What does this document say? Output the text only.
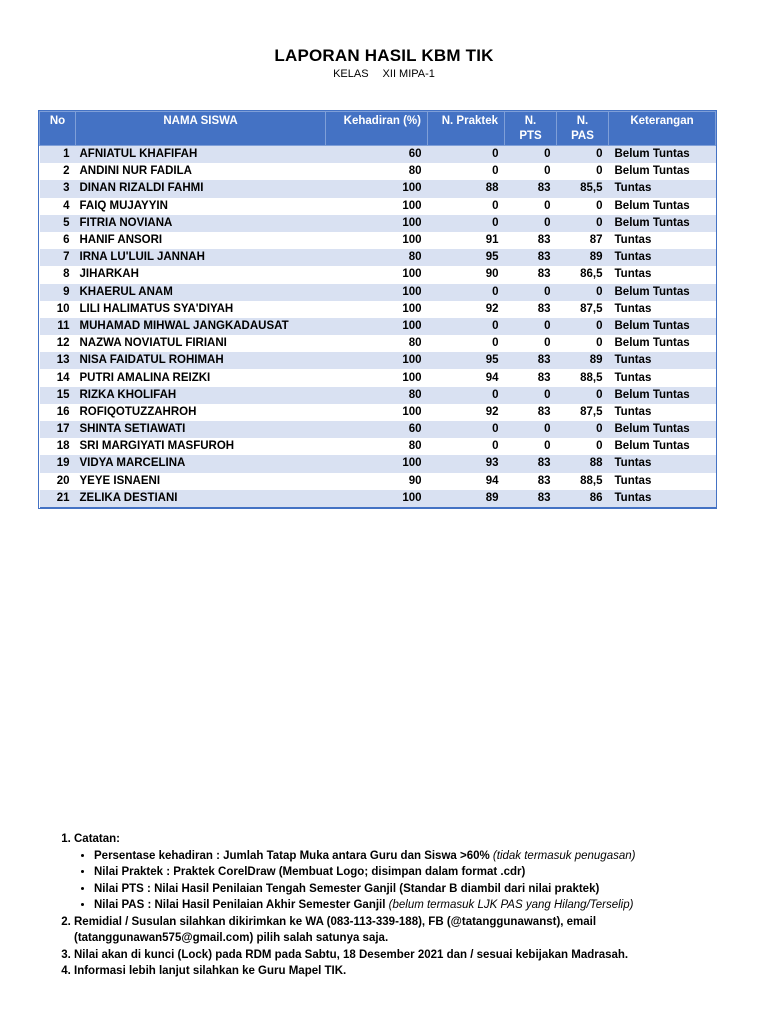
LAPORAN HASIL KBM TIK
KELAS XII MIPA-1
No	NAMA SISWA	Kehadiran (%)	N. Praktek	N. PTS	N. PAS	Keterangan
1	AFNIATUL KHAFIFAH	60	0	0	0	Belum Tuntas
2	ANDINI NUR FADILA	80	0	0	0	Belum Tuntas
3	DINAN RIZALDI FAHMI	100	88	83	85,5	Tuntas
4	FAIQ MUJAYYIN	100	0	0	0	Belum Tuntas
5	FITRIA NOVIANA	100	0	0	0	Belum Tuntas
6	HANIF ANSORI	100	91	83	87	Tuntas
7	IRNA LU'LUIL JANNAH	80	95	83	89	Tuntas
8	JIHARKAH	100	90	83	86,5	Tuntas
9	KHAERUL ANAM	100	0	0	0	Belum Tuntas
10	LILI HALIMATUS SYA'DIYAH	100	92	83	87,5	Tuntas
11	MUHAMAD MIHWAL JANGKADAUSAT	100	0	0	0	Belum Tuntas
12	NAZWA NOVIATUL FIRIANI	80	0	0	0	Belum Tuntas
13	NISA FAIDATUL ROHIMAH	100	95	83	89	Tuntas
14	PUTRI AMALINA REIZKI	100	94	83	88,5	Tuntas
15	RIZKA KHOLIFAH	80	0	0	0	Belum Tuntas
16	ROFIQOTUZZAHROH	100	92	83	87,5	Tuntas
17	SHINTA SETIAWATI	60	0	0	0	Belum Tuntas
18	SRI MARGIYATI MASFUROH	80	0	0	0	Belum Tuntas
19	VIDYA MARCELINA	100	93	83	88	Tuntas
20	YEYE ISNAENI	90	94	83	88,5	Tuntas
21	ZELIKA DESTIANI	100	89	83	86	Tuntas
1. Catatan:
• Persentase kehadiran : Jumlah Tatap Muka antara Guru dan Siswa >60% (tidak termasuk penugasan)
• Nilai Praktek : Praktek CorelDraw (Membuat Logo; disimpan dalam format .cdr)
• Nilai PTS : Nilai Hasil Penilaian Tengah Semester Ganjil (Standar B diambil dari nilai praktek)
• Nilai PAS : Nilai Hasil Penilaian Akhir Semester Ganjil (belum termasuk LJK PAS yang Hilang/Terselip)
2. Remidial / Susulan silahkan dikirimkan ke WA (083-113-339-188), FB (@tatanggunawanst), email (tatanggunawan575@gmail.com) pilih salah satunya saja.
3. Nilai akan di kunci (Lock) pada RDM pada Sabtu, 18 Desember 2021 dan / sesuai kebijakan Madrasah.
4. Informasi lebih lanjut silahkan ke Guru Mapel TIK.
